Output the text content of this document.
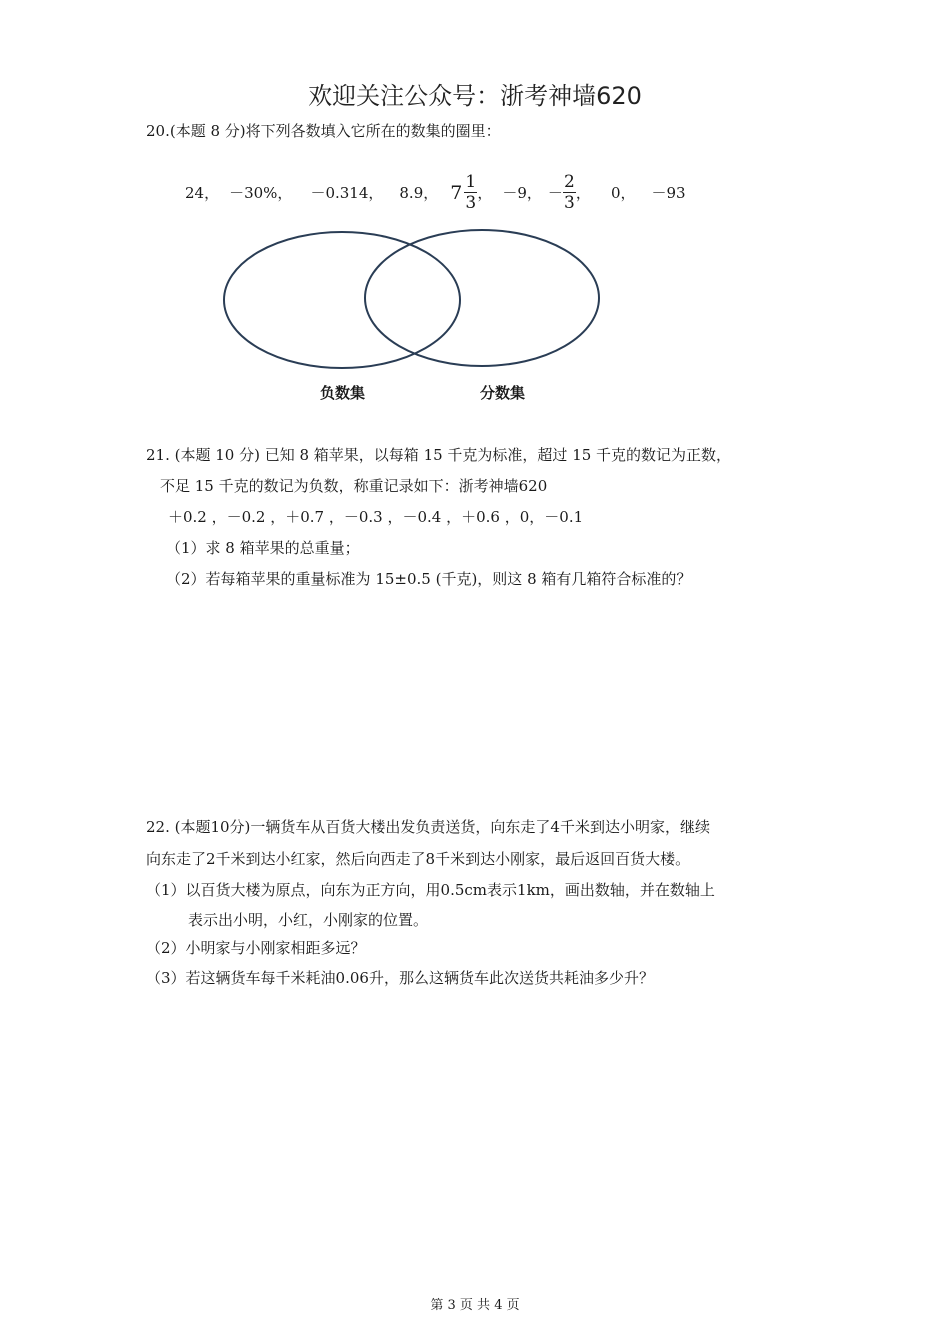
欢迎关注公众号：浙考神墙620
20.(本题 8 分)将下列各数填入它所在的数集的圈里：
24， －30%， －0.314， 8.9， $7 \frac{1}{3}$ ， －9， － $\frac{2}{3}$ ， 0， －93
负数集	分数集
21. (本题 10 分) 已知 8 箱苹果，以每箱 15 千克为标准，超过 15 千克的数记为正数，
不足 15 千克的数记为负数，称重记录如下：浙考神墙620
＋0.2 ，－0.2 ，＋0.7 ，－0.3 ，－0.4 ，＋0.6 ，0，－0.1
（1）求 8 箱苹果的总重量；
（2）若每箱苹果的重量标准为 15±0.5 (千克)，则这 8 箱有几箱符合标准的？
22. (本题10分)一辆货车从百货大楼出发负责送货，向东走了4千米到达小明家，继续
向东走了2千米到达小红家，然后向西走了8千米到达小刚家，最后返回百货大楼。
（1）以百货大楼为原点，向东为正方向，用0.5cm表示1km，画出数轴，并在数轴上
表示出小明，小红，小刚家的位置。
（2）小明家与小刚家相距多远？
（3）若这辆货车每千米耗油0.06升，那么这辆货车此次送货共耗油多少升？
第 3 页 共 4 页
